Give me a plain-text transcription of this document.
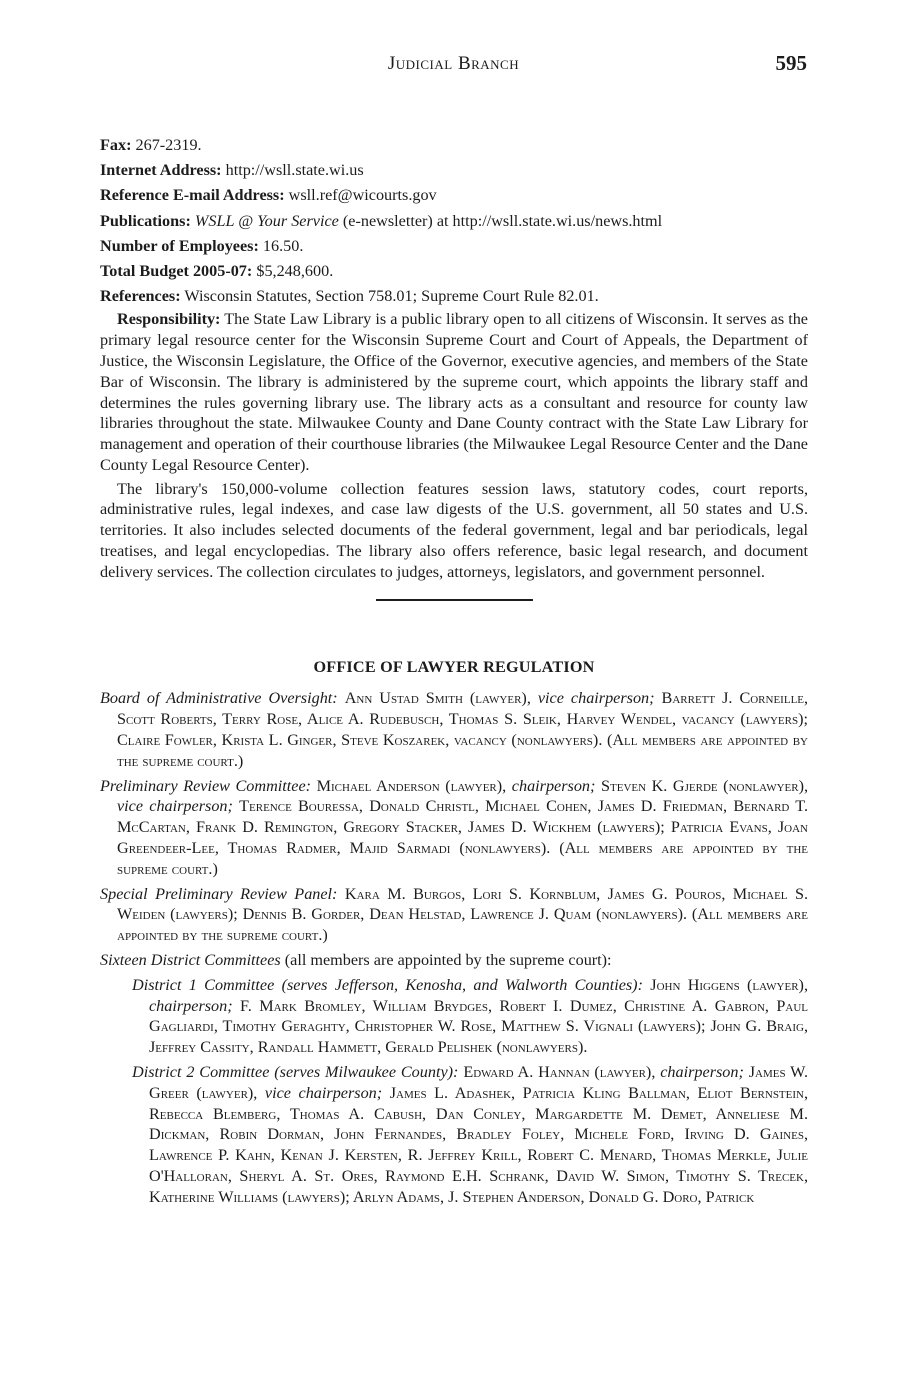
Judicial Branch	595
Fax: 267-2319.
Internet Address: http://wsll.state.wi.us
Reference E-mail Address: wsll.ref@wicourts.gov
Publications: WSLL @ Your Service (e-newsletter) at http://wsll.state.wi.us/news.html
Number of Employees: 16.50.
Total Budget 2005-07: $5,248,600.
References: Wisconsin Statutes, Section 758.01; Supreme Court Rule 82.01.

Responsibility: The State Law Library is a public library open to all citizens of Wisconsin. It serves as the primary legal resource center for the Wisconsin Supreme Court and Court of Appeals, the Department of Justice, the Wisconsin Legislature, the Office of the Governor, executive agencies, and members of the State Bar of Wisconsin. The library is administered by the supreme court, which appoints the library staff and determines the rules governing library use. The library acts as a consultant and resource for county law libraries throughout the state. Milwaukee County and Dane County contract with the State Law Library for management and operation of their courthouse libraries (the Milwaukee Legal Resource Center and the Dane County Legal Resource Center).

The library's 150,000-volume collection features session laws, statutory codes, court reports, administrative rules, legal indexes, and case law digests of the U.S. government, all 50 states and U.S. territories. It also includes selected documents of the federal government, legal and bar periodicals, legal treatises, and legal encyclopedias. The library also offers reference, basic legal research, and document delivery services. The collection circulates to judges, attorneys, legislators, and government personnel.

OFFICE OF LAWYER REGULATION

Board of Administrative Oversight: Ann Ustad Smith (lawyer), vice chairperson; Barrett J. Corneille, Scott Roberts, Terry Rose, Alice A. Rudebusch, Thomas S. Sleik, Harvey Wendel, vacancy (lawyers); Claire Fowler, Krista L. Ginger, Steve Koszarek, vacancy (nonlawyers). (All members are appointed by the supreme court.)

Preliminary Review Committee: Michael Anderson (lawyer), chairperson; Steven K. Gjerde (nonlawyer), vice chairperson; Terence Bouressa, Donald Christl, Michael Cohen, James D. Friedman, Bernard T. McCartan, Frank D. Remington, Gregory Stacker, James D. Wickhem (lawyers); Patricia Evans, Joan Greendeer-Lee, Thomas Radmer, Majid Sarmadi (nonlawyers). (All members are appointed by the supreme court.)

Special Preliminary Review Panel: Kara M. Burgos, Lori S. Kornblum, James G. Pouros, Michael S. Weiden (lawyers); Dennis B. Gorder, Dean Helstad, Lawrence J. Quam (nonlawyers). (All members are appointed by the supreme court.)

Sixteen District Committees (all members are appointed by the supreme court):

District 1 Committee (serves Jefferson, Kenosha, and Walworth Counties): John Higgens (lawyer), chairperson; F. Mark Bromley, William Brydges, Robert I. Dumez, Christine A. Gabron, Paul Gagliardi, Timothy Geraghty, Christopher W. Rose, Matthew S. Vignali (lawyers); John G. Braig, Jeffrey Cassity, Randall Hammett, Gerald Pelishek (nonlawyers).

District 2 Committee (serves Milwaukee County): Edward A. Hannan (lawyer), chairperson; James W. Greer (lawyer), vice chairperson; James L. Adashek, Patricia Kling Ballman, Eliot Bernstein, Rebecca Blemberg, Thomas A. Cabush, Dan Conley, Margardette M. Demet, Anneliese M. Dickman, Robin Dorman, John Fernandes, Bradley Foley, Michele Ford, Irving D. Gaines, Lawrence P. Kahn, Kenan J. Kersten, R. Jeffrey Krill, Robert C. Menard, Thomas Merkle, Julie O'Halloran, Sheryl A. St. Ores, Raymond E.H. Schrank, David W. Simon, Timothy S. Trecek, Katherine Williams (lawyers); Arlyn Adams, J. Stephen Anderson, Donald G. Doro, Patrick
